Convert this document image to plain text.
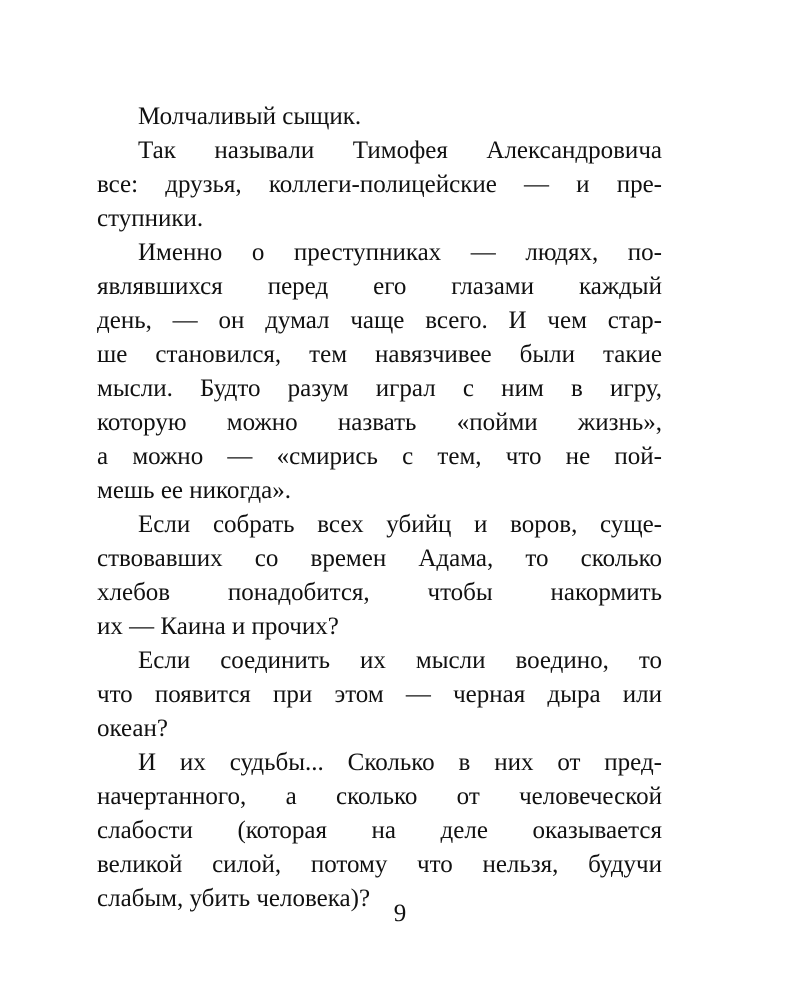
Молчаливый сыщик.
Так называли Тимофея Александровича
все: друзья, коллеги-полицейские — и пре-
ступники.
Именно о преступниках — людях, по-
являвшихся перед его глазами каждый
день, — он думал чаще всего. И чем стар-
ше становился, тем навязчивее были такие
мысли. Будто разум играл с ним в игру,
которую можно назвать «пойми жизнь»,
а можно — «смирись с тем, что не пой-
мешь ее никогда».
Если собрать всех убийц и воров, суще-
ствовавших со времен Адама, то сколько
хлебов понадобится, чтобы накормить
их — Каина и прочих?
Если соединить их мысли воедино, то
что появится при этом — черная дыра или
океан?
И их судьбы... Сколько в них от пред-
начертанного, а сколько от человеческой
слабости (которая на деле оказывается
великой силой, потому что нельзя, будучи
слабым, убить человека)?
9
